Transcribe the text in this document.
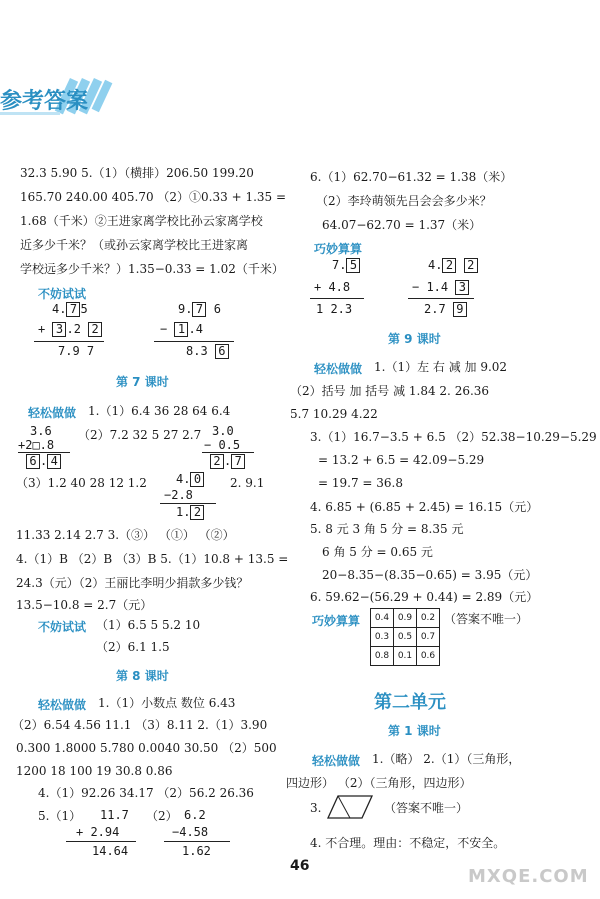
参考答案
32.3 5.90 5.（1）（横排）206.50 199.20
165.70 240.00 405.70 （2）①0.33 + 1.35 =
1.68（千米）②王进家离学校比孙云家离学校
近多少千米？（或孙云家离学校比王进家离
学校远多少千米？）1.35−0.33 = 1.02（千米）
不妨试试
4. 7 5
+ 3 .2 2
7.9 7
9. 7 6
− 1 .4
8.3 6
第 7 课时
轻松做做 1.（1）6.4 36 28 64 6.4
3.6
+2□.8
6 . 4
（2）7.2 32 5 27 2.7 3.0
− 0.5
2 . 7
（3）1.2 40 28 12 1.2 4. 0
−2.8
1. 2
2. 9.1
11.33 2.14 2.7 3.（③） （①） （②）
4.（1）B （2）B （3）B 5.（1）10.8 + 13.5 =
24.3（元）（2）王丽比李明少捐款多少钱？
13.5−10.8 = 2.7（元）
不妨试试 （1）6.5 5 5.2 10
（2）6.1 1.5
第 8 课时
轻松做做 1.（1）小数点 数位 6.43
（2）6.54 4.56 11.1 （3）8.11 2.（1）3.90
0.300 1.8000 5.780 0.0040 30.50 （2）500
1200 18 100 19 30.8 0.86
4.（1）92.26 34.17 （2）56.2 26.36
5.（1） 11.7
+ 2.94
14.64
（2） 6.2
−4.58
1.62
6.（1）62.70−61.32 = 1.38（米）
（2）李玲萌领先吕会会多少米？
64.07−62.70 = 1.37（米）
巧妙算算
7. 5
+ 4.8
1 2.3
4. 2 2
− 1.4 3
2.7 9
第 9 课时
轻松做做 1.（1）左 右 减 加 9.02
（2）括号 加 括号 减 1.84 2. 26.36
5.7 10.29 4.22
3.（1）16.7−3.5 + 6.5 （2）52.38−10.29−5.29
= 13.2 + 6.5 = 42.09−5.29
= 19.7 = 36.8
4. 6.85 + (6.85 + 2.45) = 16.15（元）
5. 8 元 3 角 5 分 = 8.35 元
6 角 5 分 = 0.65 元
20−8.35−(8.35−0.65) = 3.95（元）
6. 59.62−(56.29 + 0.44) = 2.89（元）
巧妙算算 0.4	0.9	0.2
0.3	0.5	0.7
0.8	0.1	0.6
（答案不唯一）
第二单元
第 1 课时
轻松做做 1.（略） 2.（1）（三角形，
四边形） （2）（三角形，四边形）
3.	（答案不唯一）
4. 不合理。理由：不稳定，不安全。
46	MXQE.COM
